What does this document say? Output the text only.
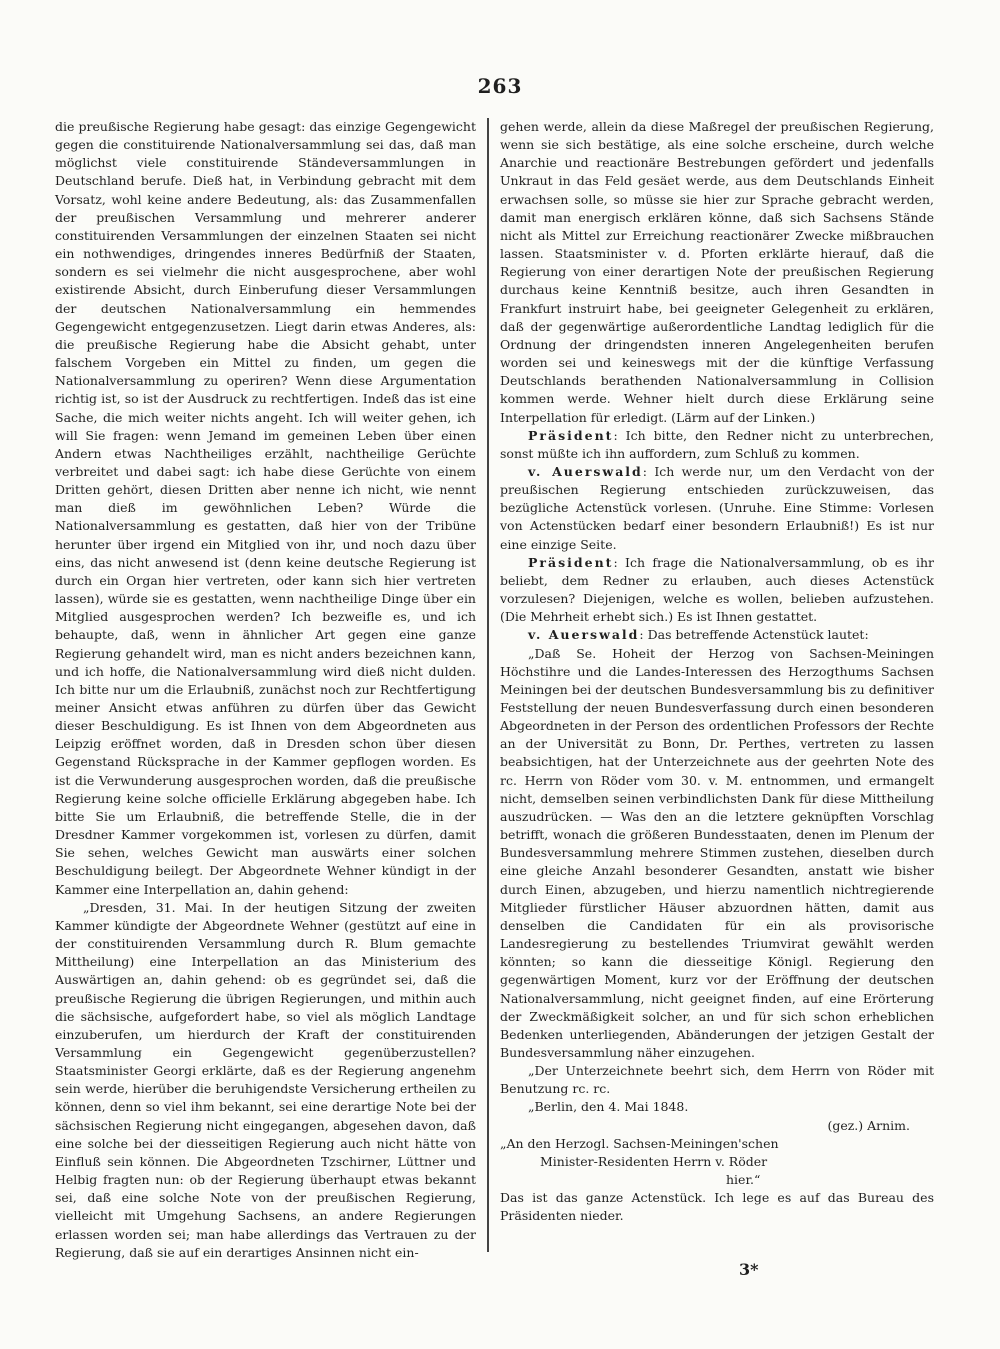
263

die preußische Regierung habe gesagt: das einzige Gegengewicht gegen die constituirende Nationalversammlung sei das, daß man möglichst viele constituirende Ständeversammlungen in Deutschland berufe. Dieß hat, in Verbindung gebracht mit dem Vorsatz, wohl keine andere Bedeutung, als: das Zusammenfallen der preußischen Versammlung und mehrerer anderer constituirenden Versammlungen der einzelnen Staaten sei nicht ein nothwendiges, dringendes inneres Bedürfniß der Staaten, sondern es sei vielmehr die nicht ausgesprochene, aber wohl existirende Absicht, durch Einberufung dieser Versammlungen der deutschen Nationalversammlung ein hemmendes Gegengewicht entgegenzusetzen. Liegt darin etwas Anderes, als: die preußische Regierung habe die Absicht gehabt, unter falschem Vorgeben ein Mittel zu finden, um gegen die Nationalversammlung zu operiren? Wenn diese Argumentation richtig ist, so ist der Ausdruck zu rechtfertigen. Indeß das ist eine Sache, die mich weiter nichts angeht. Ich will weiter gehen, ich will Sie fragen: wenn Jemand im gemeinen Leben über einen Andern etwas Nachtheiliges erzählt, nachtheilige Gerüchte verbreitet und dabei sagt: ich habe diese Gerüchte von einem Dritten gehört, diesen Dritten aber nenne ich nicht, wie nennt man dieß im gewöhnlichen Leben? Würde die Nationalversammlung es gestatten, daß hier von der Tribüne herunter über irgend ein Mitglied von ihr, und noch dazu über eins, das nicht anwesend ist (denn keine deutsche Regierung ist durch ein Organ hier vertreten, oder kann sich hier vertreten lassen), würde sie es gestatten, wenn nachtheilige Dinge über ein Mitglied ausgesprochen werden? Ich bezweifle es, und ich behaupte, daß, wenn in ähnlicher Art gegen eine ganze Regierung gehandelt wird, man es nicht anders bezeichnen kann, und ich hoffe, die Nationalversammlung wird dieß nicht dulden. Ich bitte nur um die Erlaubniß, zunächst noch zur Rechtfertigung meiner Ansicht etwas anführen zu dürfen über das Gewicht dieser Beschuldigung. Es ist Ihnen von dem Abgeordneten aus Leipzig eröffnet worden, daß in Dresden schon über diesen Gegenstand Rücksprache in der Kammer gepflogen worden. Es ist die Verwunderung ausgesprochen worden, daß die preußische Regierung keine solche officielle Erklärung abgegeben habe. Ich bitte Sie um Erlaubniß, die betreffende Stelle, die in der Dresdner Kammer vorgekommen ist, vorlesen zu dürfen, damit Sie sehen, welches Gewicht man auswärts einer solchen Beschuldigung beilegt. Der Abgeordnete Wehner kündigt in der Kammer eine Interpellation an, dahin gehend:

„Dresden, 31. Mai. In der heutigen Sitzung der zweiten Kammer kündigte der Abgeordnete Wehner (gestützt auf eine in der constituirenden Versammlung durch R. Blum gemachte Mittheilung) eine Interpellation an das Ministerium des Auswärtigen an, dahin gehend: ob es gegründet sei, daß die preußische Regierung die übrigen Regierungen, und mithin auch die sächsische, aufgefordert habe, so viel als möglich Landtage einzuberufen, um hierdurch der Kraft der constituirenden Versammlung ein Gegengewicht gegenüberzustellen? Staatsminister Georgi erklärte, daß es der Regierung angenehm sein werde, hierüber die beruhigendste Versicherung ertheilen zu können, denn so viel ihm bekannt, sei eine derartige Note bei der sächsischen Regierung nicht eingegangen, abgesehen davon, daß eine solche bei der diesseitigen Regierung auch nicht hätte von Einfluß sein können. Die Abgeordneten Tzschirner, Lüttner und Helbig fragten nun: ob der Regierung überhaupt etwas bekannt sei, daß eine solche Note von der preußischen Regierung, vielleicht mit Umgehung Sachsens, an andere Regierungen erlassen worden sei; man habe allerdings das Vertrauen zu der Regierung, daß sie auf ein derartiges Ansinnen nicht ein-

gehen werde, allein da diese Maßregel der preußischen Regierung, wenn sie sich bestätige, als eine solche erscheine, durch welche Anarchie und reactionäre Bestrebungen gefördert und jedenfalls Unkraut in das Feld gesäet werde, aus dem Deutschlands Einheit erwachsen solle, so müsse sie hier zur Sprache gebracht werden, damit man energisch erklären könne, daß sich Sachsens Stände nicht als Mittel zur Erreichung reactionärer Zwecke mißbrauchen lassen. Staatsminister v. d. Pforten erklärte hierauf, daß die Regierung von einer derartigen Note der preußischen Regierung durchaus keine Kenntniß besitze, auch ihren Gesandten in Frankfurt instruirt habe, bei geeigneter Gelegenheit zu erklären, daß der gegenwärtige außerordentliche Landtag lediglich für die Ordnung der dringendsten inneren Angelegenheiten berufen worden sei und keineswegs mit der die künftige Verfassung Deutschlands berathenden Nationalversammlung in Collision kommen werde. Wehner hielt durch diese Erklärung seine Interpellation für erledigt. (Lärm auf der Linken.)

Präsident: Ich bitte, den Redner nicht zu unterbrechen, sonst müßte ich ihn auffordern, zum Schluß zu kommen.

v. Auerswald: Ich werde nur, um den Verdacht von der preußischen Regierung entschieden zurückzuweisen, das bezügliche Actenstück vorlesen. (Unruhe. Eine Stimme: Vorlesen von Actenstücken bedarf einer besondern Erlaubniß!) Es ist nur eine einzige Seite.

Präsident: Ich frage die Nationalversammlung, ob es ihr beliebt, dem Redner zu erlauben, auch dieses Actenstück vorzulesen? Diejenigen, welche es wollen, belieben aufzustehen. (Die Mehrheit erhebt sich.) Es ist Ihnen gestattet.

v. Auerswald: Das betreffende Actenstück lautet:

„Daß Se. Hoheit der Herzog von Sachsen-Meiningen Höchstihre und die Landes-Interessen des Herzogthums Sachsen Meiningen bei der deutschen Bundesversammlung bis zu definitiver Feststellung der neuen Bundesverfassung durch einen besonderen Abgeordneten in der Person des ordentlichen Professors der Rechte an der Universität zu Bonn, Dr. Perthes, vertreten zu lassen beabsichtigen, hat der Unterzeichnete aus der geehrten Note des rc. Herrn von Röder vom 30. v. M. entnommen, und ermangelt nicht, demselben seinen verbindlichsten Dank für diese Mittheilung auszudrücken. — Was den an die letztere geknüpften Vorschlag betrifft, wonach die größeren Bundesstaaten, denen im Plenum der Bundesversammlung mehrere Stimmen zustehen, dieselben durch eine gleiche Anzahl besonderer Gesandten, anstatt wie bisher durch Einen, abzugeben, und hierzu namentlich nichtregierende Mitglieder fürstlicher Häuser abzuordnen hätten, damit aus denselben die Candidaten für ein als provisorische Landesregierung zu bestellendes Triumvirat gewählt werden könnten; so kann die diesseitige Königl. Regierung den gegenwärtigen Moment, kurz vor der Eröffnung der deutschen Nationalversammlung, nicht geeignet finden, auf eine Erörterung der Zweckmäßigkeit solcher, an und für sich schon erheblichen Bedenken unterliegenden, Abänderungen der jetzigen Gestalt der Bundesversammlung näher einzugehen.

„Der Unterzeichnete beehrt sich, dem Herrn von Röder mit Benutzung rc. rc.

„Berlin, den 4. Mai 1848.

(gez.) Arnim.

„An den Herzogl. Sachsen-Meiningen'schen

Minister-Residenten Herrn v. Röder

hier.“

Das ist das ganze Actenstück. Ich lege es auf das Bureau des Präsidenten nieder.

3*
